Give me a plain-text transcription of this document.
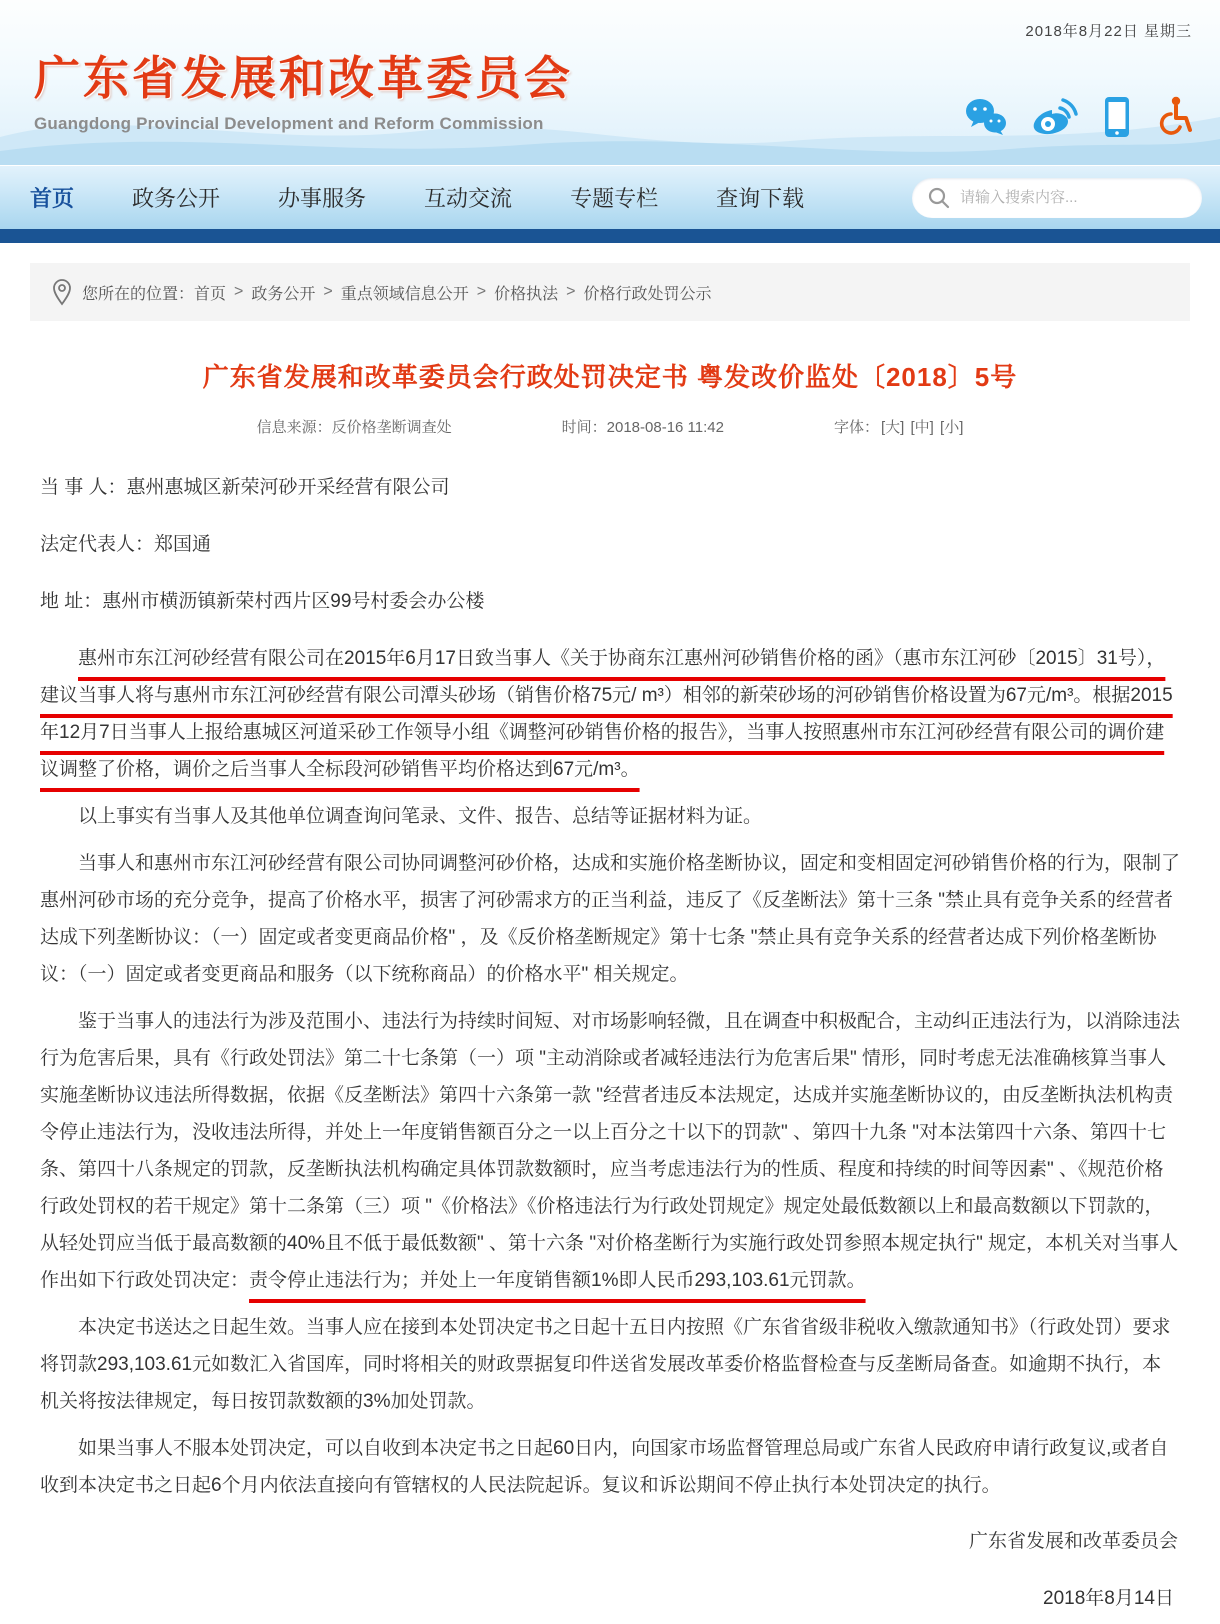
2018年8月22日 星期三
广东省发展和改革委员会
Guangdong Provincial Development and Reform Commission
首页	政务公开	办事服务	互动交流	专题专栏	查询下载
请输入搜索内容...
您所在的位置： 首页 > 政务公开 > 重点领域信息公开 > 价格执法 > 价格行政处罚公示
广东省发展和改革委员会行政处罚决定书 粤发改价监处〔2018〕5号
信息来源：反价格垄断调查处	时间：2018-08-16 11:42	字体： [大] [中] [小]

当 事 人：惠州惠城区新荣河砂开采经营有限公司

法定代表人：郑国通

地 址：惠州市横沥镇新荣村西片区99号村委会办公楼

惠州市东江河砂经营有限公司在2015年6月17日致当事人《关于协商东江惠州河砂销售价格的函》（惠市东江河砂〔2015〕31号），建议当事人将与惠州市东江河砂经营有限公司潭头砂场（销售价格75元/ m³）相邻的新荣砂场的河砂销售价格设置为67元/m³。根据2015年12月7日当事人上报给惠城区河道采砂工作领导小组《调整河砂销售价格的报告》，当事人按照惠州市东江河砂经营有限公司的调价建议调整了价格，调价之后当事人全标段河砂销售平均价格达到67元/m³。

以上事实有当事人及其他单位调查询问笔录、文件、报告、总结等证据材料为证。

当事人和惠州市东江河砂经营有限公司协同调整河砂价格，达成和实施价格垄断协议，固定和变相固定河砂销售价格的行为，限制了惠州河砂市场的充分竞争，提高了价格水平，损害了河砂需求方的正当利益，违反了《反垄断法》第十三条 "禁止具有竞争关系的经营者达成下列垄断协议：（一）固定或者变更商品价格" ，及《反价格垄断规定》第十七条 "禁止具有竞争关系的经营者达成下列价格垄断协议：（一）固定或者变更商品和服务（以下统称商品）的价格水平" 相关规定。

鉴于当事人的违法行为涉及范围小、违法行为持续时间短、对市场影响轻微，且在调查中积极配合，主动纠正违法行为，以消除违法行为危害后果，具有《行政处罚法》第二十七条第（一）项 "主动消除或者减轻违法行为危害后果" 情形，同时考虑无法准确核算当事人实施垄断协议违法所得数据，依据《反垄断法》第四十六条第一款 "经营者违反本法规定，达成并实施垄断协议的，由反垄断执法机构责令停止违法行为，没收违法所得，并处上一年度销售额百分之一以上百分之十以下的罚款" 、第四十九条 "对本法第四十六条、第四十七条、第四十八条规定的罚款，反垄断执法机构确定具体罚款数额时，应当考虑违法行为的性质、程度和持续的时间等因素" 、《规范价格行政处罚权的若干规定》第十二条第（三）项 "《价格法》《价格违法行为行政处罚规定》规定处最低数额以上和最高数额以下罚款的，从轻处罚应当低于最高数额的40%且不低于最低数额" 、第十六条 "对价格垄断行为实施行政处罚参照本规定执行" 规定，本机关对当事人作出如下行政处罚决定：责令停止违法行为；并处上一年度销售额1%即人民币293,103.61元罚款。

本决定书送达之日起生效。当事人应在接到本处罚决定书之日起十五日内按照《广东省省级非税收入缴款通知书》（行政处罚）要求将罚款293,103.61元如数汇入省国库，同时将相关的财政票据复印件送省发展改革委价格监督检查与反垄断局备查。如逾期不执行，本机关将按法律规定，每日按罚款数额的3%加处罚款。

如果当事人不服本处罚决定，可以自收到本决定书之日起60日内，向国家市场监督管理总局或广东省人民政府申请行政复议,或者自收到本决定书之日起6个月内依法直接向有管辖权的人民法院起诉。复议和诉讼期间不停止执行本处罚决定的执行。

广东省发展和改革委员会
2018年8月14日
